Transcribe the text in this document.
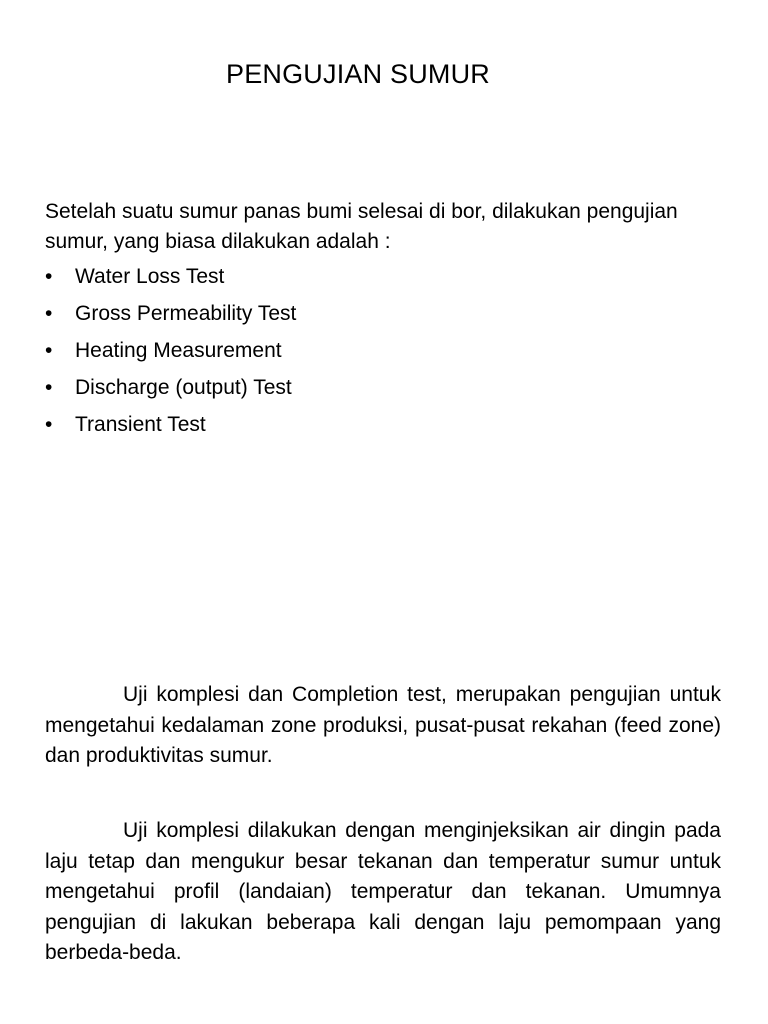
PENGUJIAN SUMUR

Setelah suatu sumur panas bumi selesai di bor, dilakukan pengujian sumur, yang biasa dilakukan adalah :

• Water Loss Test
• Gross Permeability Test
• Heating Measurement
• Discharge (output) Test
• Transient Test

Uji komplesi dan Completion test, merupakan pengujian untuk mengetahui kedalaman zone produksi, pusat-pusat rekahan (feed zone) dan produktivitas sumur.

Uji komplesi dilakukan dengan menginjeksikan air dingin pada laju tetap dan mengukur besar tekanan dan temperatur sumur untuk mengetahui profil (landaian) temperatur dan tekanan. Umumnya pengujian di lakukan beberapa kali dengan laju pemompaan yang berbeda-beda.
